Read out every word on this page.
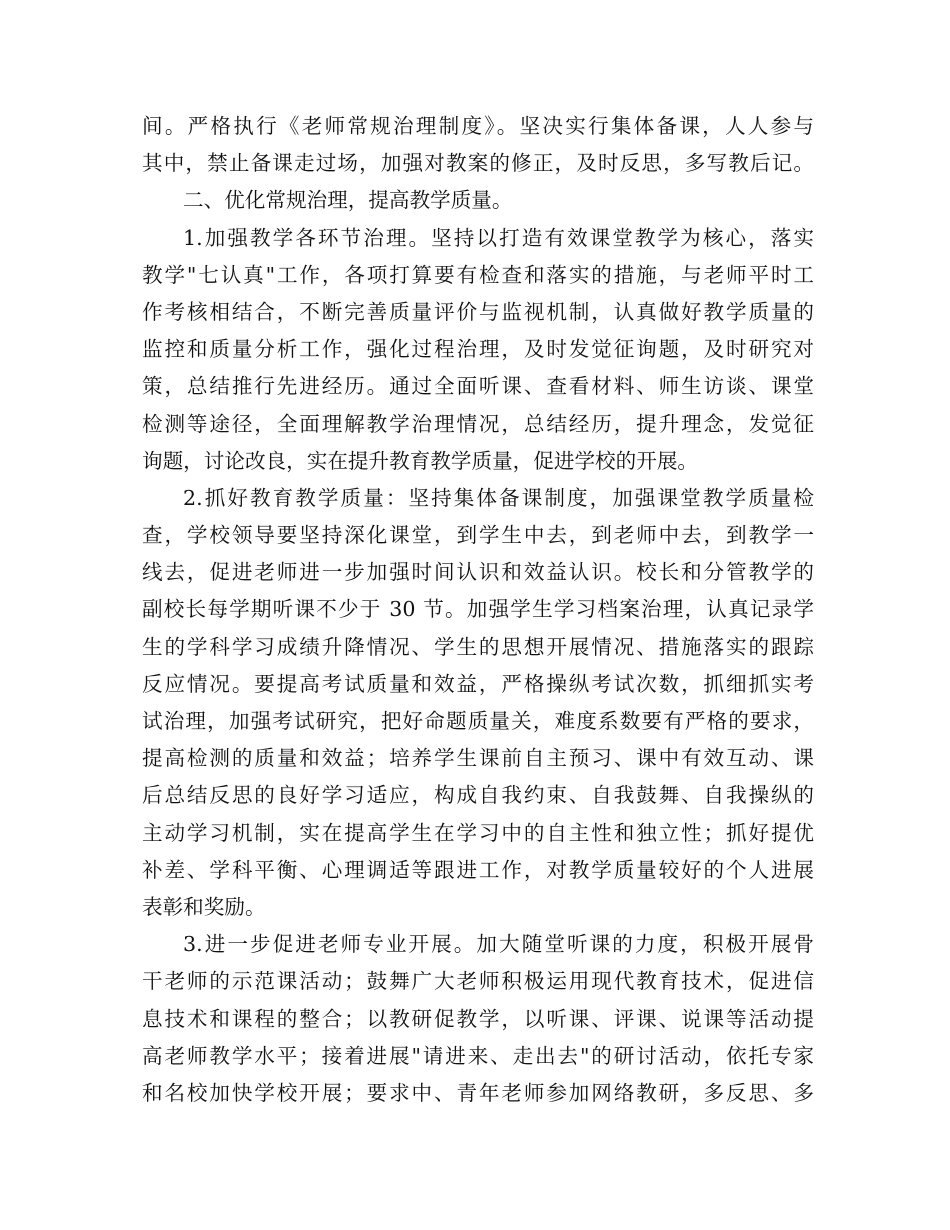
间。严格执行《老师常规治理制度》。坚决实行集体备课，人人参与
其中，禁止备课走过场，加强对教案的修正，及时反思，多写教后记。
二、优化常规治理，提高教学质量。
1.加强教学各环节治理。坚持以打造有效课堂教学为核心，落实
教学"七认真"工作，各项打算要有检查和落实的措施，与老师平时工
作考核相结合，不断完善质量评价与监视机制，认真做好教学质量的
监控和质量分析工作，强化过程治理，及时发觉征询题，及时研究对
策，总结推行先进经历。通过全面听课、查看材料、师生访谈、课堂
检测等途径，全面理解教学治理情况，总结经历，提升理念，发觉征
询题，讨论改良，实在提升教育教学质量，促进学校的开展。
2.抓好教育教学质量：坚持集体备课制度，加强课堂教学质量检
查，学校领导要坚持深化课堂，到学生中去，到老师中去，到教学一
线去，促进老师进一步加强时间认识和效益认识。校长和分管教学的
副校长每学期听课不少于 30 节。加强学生学习档案治理，认真记录学
生的学科学习成绩升降情况、学生的思想开展情况、措施落实的跟踪
反应情况。要提高考试质量和效益，严格操纵考试次数，抓细抓实考
试治理，加强考试研究，把好命题质量关，难度系数要有严格的要求，
提高检测的质量和效益；培养学生课前自主预习、课中有效互动、课
后总结反思的良好学习适应，构成自我约束、自我鼓舞、自我操纵的
主动学习机制，实在提高学生在学习中的自主性和独立性；抓好提优
补差、学科平衡、心理调适等跟进工作，对教学质量较好的个人进展
表彰和奖励。
3.进一步促进老师专业开展。加大随堂听课的力度，积极开展骨
干老师的示范课活动；鼓舞广大老师积极运用现代教育技术，促进信
息技术和课程的整合；以教研促教学，以听课、评课、说课等活动提
高老师教学水平；接着进展"请进来、走出去"的研讨活动，依托专家
和名校加快学校开展；要求中、青年老师参加网络教研，多反思、多
